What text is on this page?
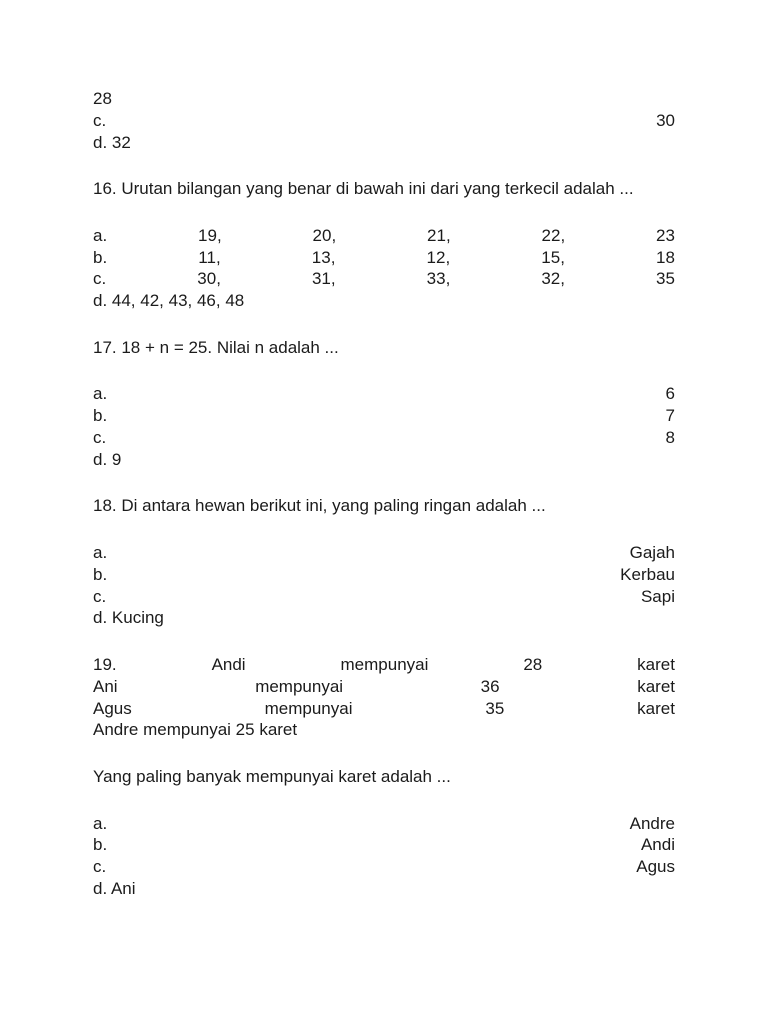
28
c.	30
d. 32
16. Urutan bilangan yang benar di bawah ini dari yang terkecil adalah ...
a.	19,	20,	21,	22,	23
b.	11,	13,	12,	15,	18
c.	30,	31,	33,	32,	35
d. 44, 42, 43, 46, 48
17. 18 + n = 25. Nilai n adalah ...
a.	6
b.	7
c.	8
d. 9
18. Di antara hewan berikut ini, yang paling ringan adalah ...
a.	Gajah
b.	Kerbau
c.	Sapi
d. Kucing
19.	Andi	mempunyai	28	karet
Ani	mempunyai	36	karet
Agus	mempunyai	35	karet
Andre mempunyai 25 karet
Yang paling banyak mempunyai karet adalah ...
a.	Andre
b.	Andi
c.	Agus
d. Ani
